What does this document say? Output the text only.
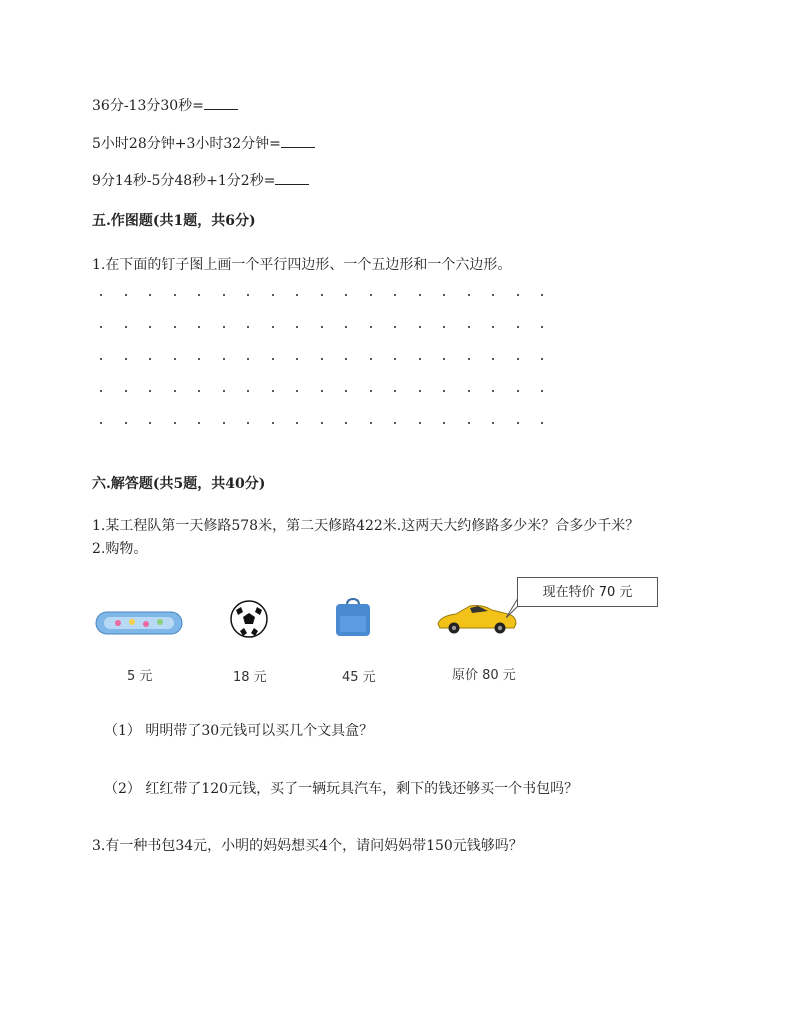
36分-13分30秒=
5小时28分钟+3小时32分钟=
9分14秒-5分48秒+1分2秒=
五.作图题(共1题，共6分)
1.在下面的钉子图上画一个平行四边形、一个五边形和一个六边形。
六.解答题(共5题，共40分)
1.某工程队第一天修路578米，第二天修路422米.这两天大约修路多少米？合多少千米？
2.购物。
现在特价 70 元
5 元	18 元	45 元	原价 80 元
（1） 明明带了30元钱可以买几个文具盒？
（2） 红红带了120元钱，买了一辆玩具汽车，剩下的钱还够买一个书包吗？
3.有一种书包34元，小明的妈妈想买4个，请问妈妈带150元钱够吗？
